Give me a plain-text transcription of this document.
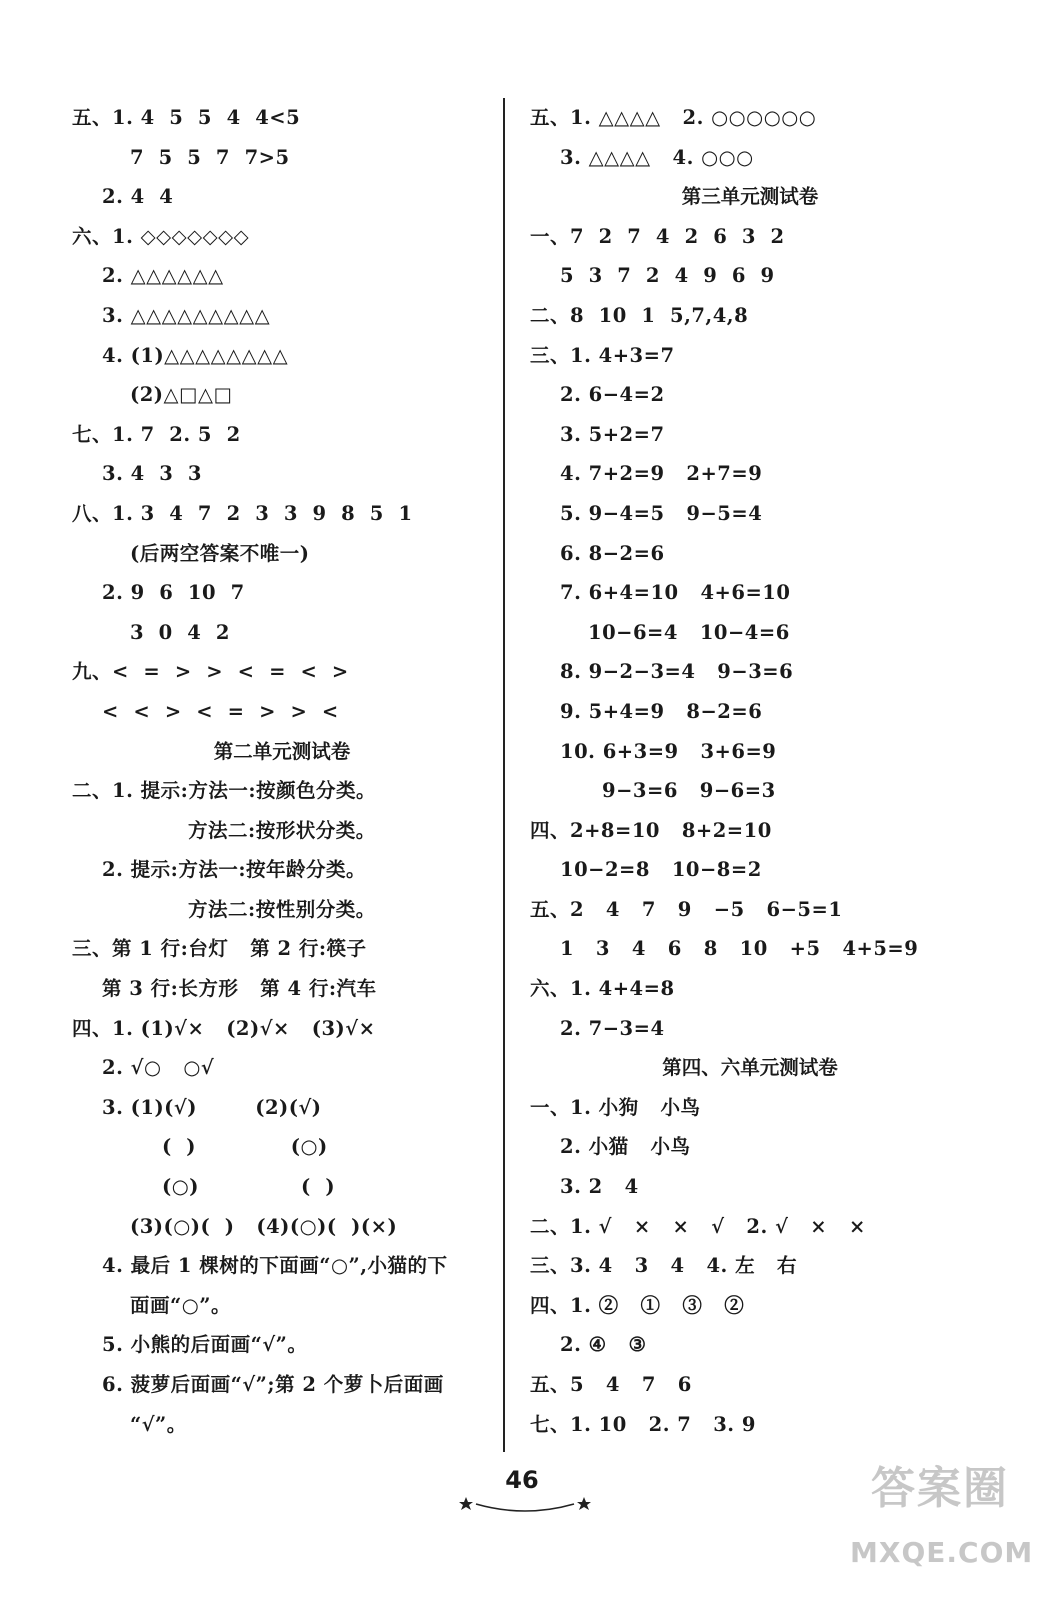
五、1. 4  5  5  4  4<5
7  5  5  7  7>5
2. 4  4
六、1. ◇◇◇◇◇◇◇
2. △△△△△△
3. △△△△△△△△△
4. (1)△△△△△△△△
(2)△□△□
七、1. 7  2. 5  2
3. 4  3  3
八、1. 3  4  7  2  3  3  9  8  5  1
(后两空答案不唯一)
2. 9  6  10  7
3  0  4  2
九、<  =  >  >  <  =  <  >
<  <  >  <  =  >  >  <
第二单元测试卷
二、1. 提示:方法一:按颜色分类。
方法二:按形状分类。
2. 提示:方法一:按年龄分类。
方法二:按性别分类。
三、第 1 行:台灯   第 2 行:筷子
第 3 行:长方形   第 4 行:汽车
四、1. (1)√×   (2)√×   (3)√×
2. √○   ○√
3. (1)(√)        (2)(√)
(  )             (○)
(○)              (  )
(3)(○)(  )   (4)(○)(  )(×)
4. 最后 1 棵树的下面画“○”,小猫的下
面画“○”。
5. 小熊的后面画“√”。
6. 菠萝后面画“√”;第 2 个萝卜后面画
“√”。
五、1. △△△△   2. ○○○○○○
3. △△△△   4. ○○○
第三单元测试卷
一、7  2  7  4  2  6  3  2
5  3  7  2  4  9  6  9
二、8  10  1  5,7,4,8
三、1. 4+3=7
2. 6−4=2
3. 5+2=7
4. 7+2=9   2+7=9
5. 9−4=5   9−5=4
6. 8−2=6
7. 6+4=10   4+6=10
10−6=4   10−4=6
8. 9−2−3=4   9−3=6
9. 5+4=9   8−2=6
10. 6+3=9   3+6=9
9−3=6   9−6=3
四、2+8=10   8+2=10
10−2=8   10−8=2
五、2   4   7   9   −5   6−5=1
1   3   4   6   8   10   +5   4+5=9
六、1. 4+4=8
2. 7−3=4
第四、六单元测试卷
一、1. 小狗   小鸟
2. 小猫   小鸟
3. 2   4
二、1. √   ×   ×   √   2. √   ×   ×
三、3. 4   3   4   4. 左   右
四、1. ②   ①   ③   ②
2. ④   ③
五、5   4   7   6
七、1. 10   2. 7   3. 9
46	答案圈
MXQE.COM
